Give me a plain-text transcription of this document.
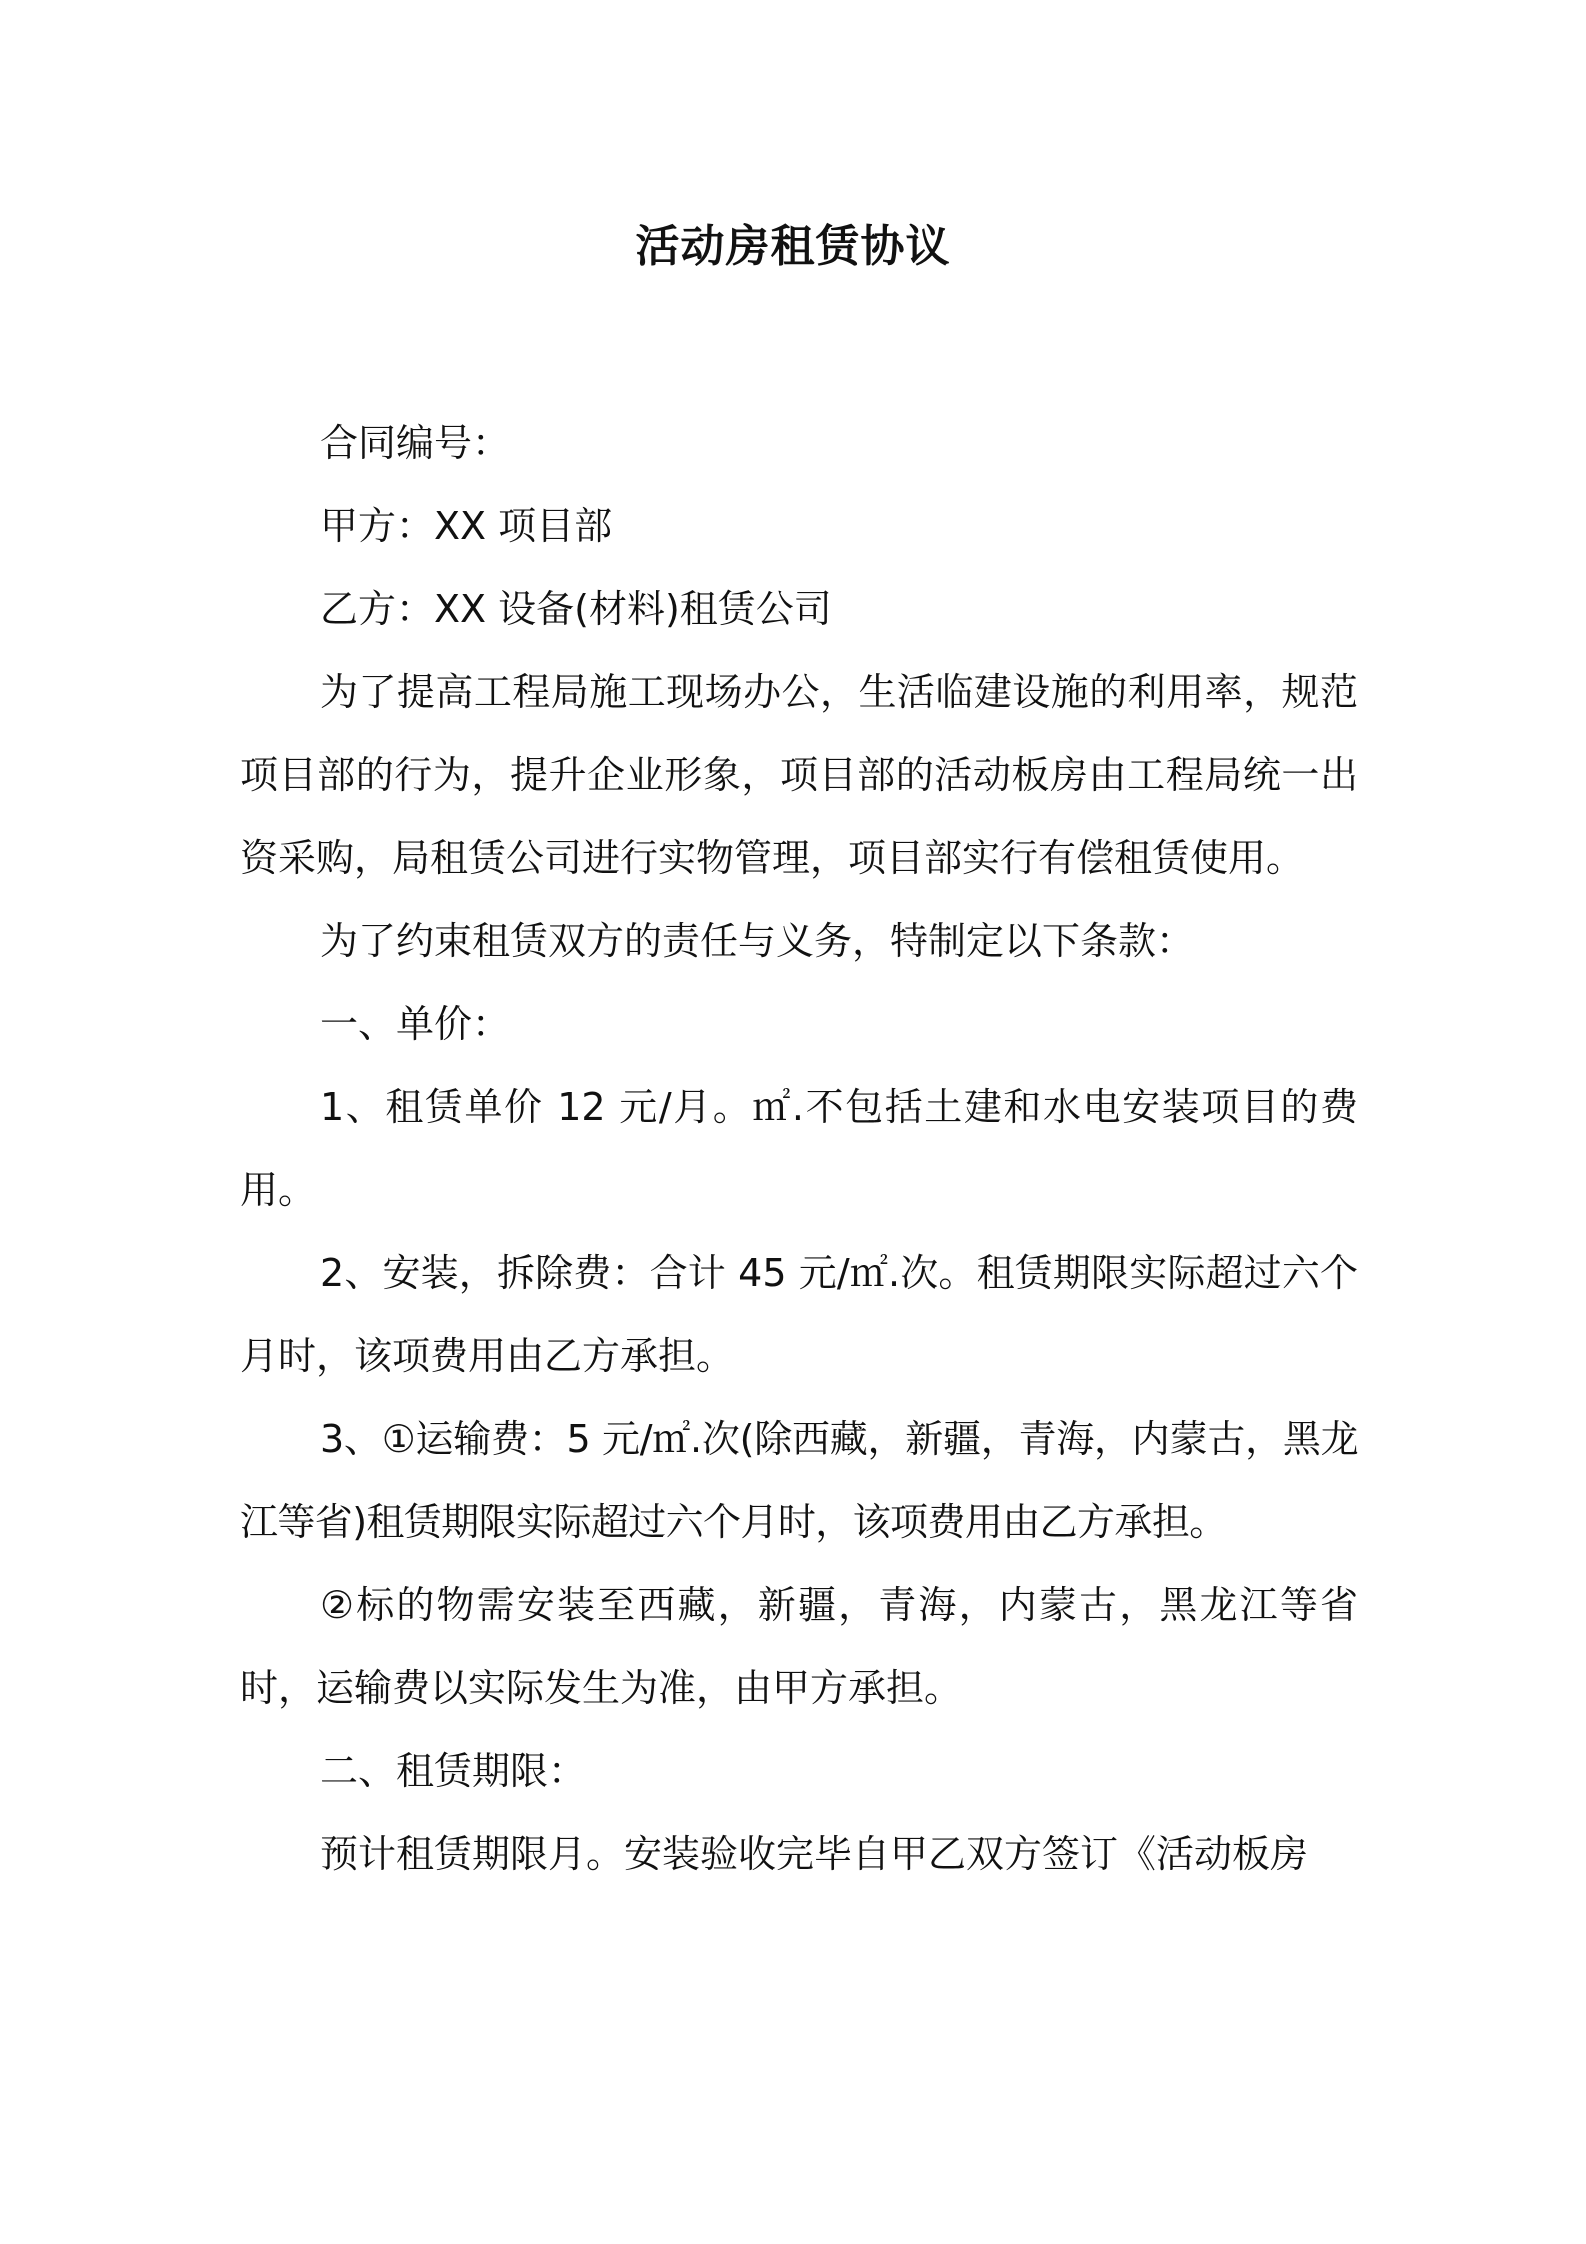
活动房租赁协议

合同编号：

甲方：XX 项目部

乙方：XX 设备(材料)租赁公司

为了提高工程局施工现场办公，生活临建设施的利用率，规范项目部的行为，提升企业形象，项目部的活动板房由工程局统一出资采购，局租赁公司进行实物管理，项目部实行有偿租赁使用。

为了约束租赁双方的责任与义务，特制定以下条款：

一、单价：

1、租赁单价 12 元/月。㎡.不包括土建和水电安装项目的费用。

2、安装，拆除费：合计 45 元/㎡.次。租赁期限实际超过六个月时，该项费用由乙方承担。

3、①运输费：5 元/㎡.次(除西藏，新疆，青海，内蒙古，黑龙江等省)租赁期限实际超过六个月时，该项费用由乙方承担。

②标的物需安装至西藏，新疆，青海，内蒙古，黑龙江等省时，运输费以实际发生为准，由甲方承担。

二、租赁期限：

预计租赁期限月。安装验收完毕自甲乙双方签订《活动板房
